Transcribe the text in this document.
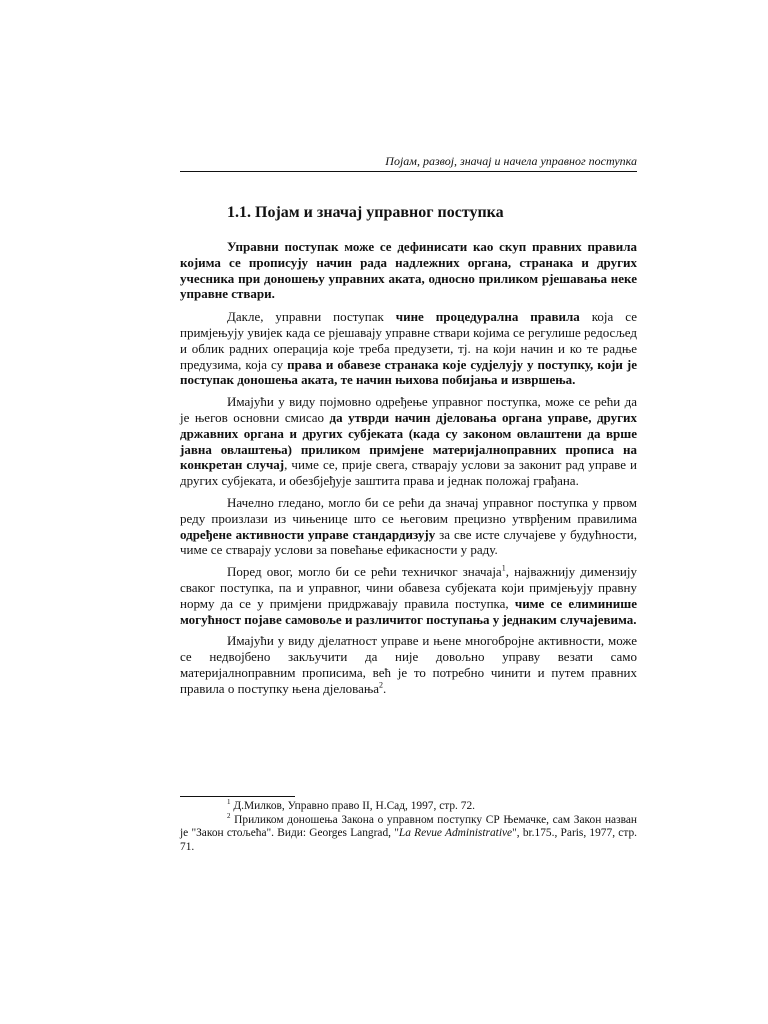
Појам, развој, значај и начела управног поступка
1.1. Појам и значај управног поступка

Управни поступак може се дефинисати као скуп правних правила којима се прописују начин рада надлежних органа, странака и других учесника при доношењу управних аката, односно приликом рјешавања неке управне ствари.

Дакле, управни поступак чине процедурална правила која се примјењују увијек када се рјешавају управне ствари којима се регулише редосљед и облик радних операција које треба предузети, тј. на који начин и ко те радње предузима, која су права и обавезе странака које судјелују у поступку, који је поступак доношења аката, те начин њихова побијања и извршења.

Имајући у виду појмовно одређење управног поступка, може се рећи да је његов основни смисао да утврди начин дјеловања органа управе, других државних органа и других субјеката (када су законом овлаштени да врше јавна овлаштења) приликом примјене материјалноправних прописа на конкретан случај, чиме се, прије свега, стварају услови за законит рад управе и других субјеката, и обезбјеђује заштита права и једнак положај грађана.

Начелно гледано, могло би се рећи да значај управног поступка у првом реду произлази из чињенице што се његовим прецизно утврђеним правилима одређене активности управе стандардизују за све исте случајеве у будућности, чиме се стварају услови за повећање ефикасности у раду.

Поред овог, могло би се рећи техничког значаја$^1$, најважнију димензију сваког поступка, па и управног, чини обавеза субјеката који примјењују правну норму да се у примјени придржавају правила поступка, чиме се елиминише могућност појаве самовоље и различитог поступања у једнаким случајевима.

Имајући у виду дјелатност управе и њене многобројне активности, може се недвојбено закључити да није довољно управу везати само материјалноправним прописима, већ је то потребно чинити и путем правних правила о поступку њена дјеловања$^2$.

$^1$ Д.Милков, Управно право II, Н.Сад, 1997, стр. 72.

$^2$ Приликом доношења Закона о управном поступку СР Њемачке, сам Закон назван је "Закон стољећа". Види: Georges Langrad, "La Revue Administrative", br.175., Paris, 1977, стр. 71.
